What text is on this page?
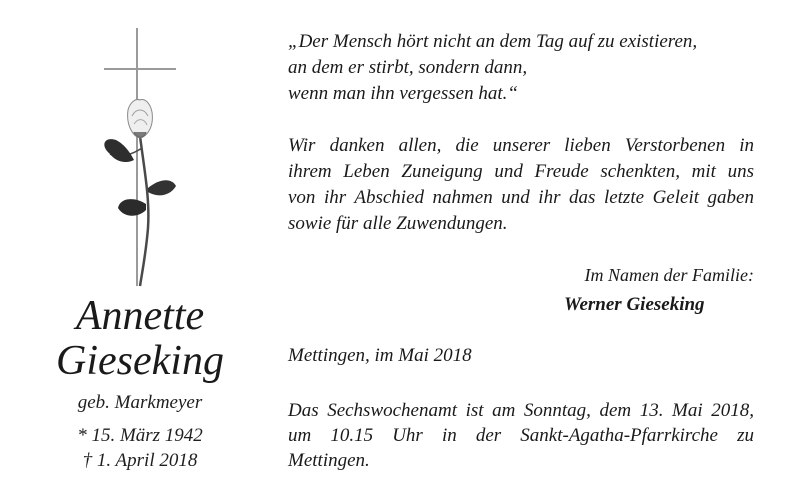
Annette
Gieseking
geb. Markmeyer
* 15. März 1942
† 1. April 2018
„Der Mensch hört nicht an dem Tag auf zu existieren,
an dem er stirbt, sondern dann,
wenn man ihn vergessen hat.“
Wir danken allen, die unserer lieben Verstorbenen in
ihrem Leben Zuneigung und Freude schenkten, mit uns
von ihr Abschied nahmen und ihr das letzte Geleit gaben
sowie für alle Zuwendungen.
Im Namen der Familie:
Werner Gieseking
Mettingen, im Mai 2018
Das Sechswochenamt ist am Sonntag, dem 13. Mai 2018,
um 10.15 Uhr in der Sankt-Agatha-Pfarrkirche zu
Mettingen.
